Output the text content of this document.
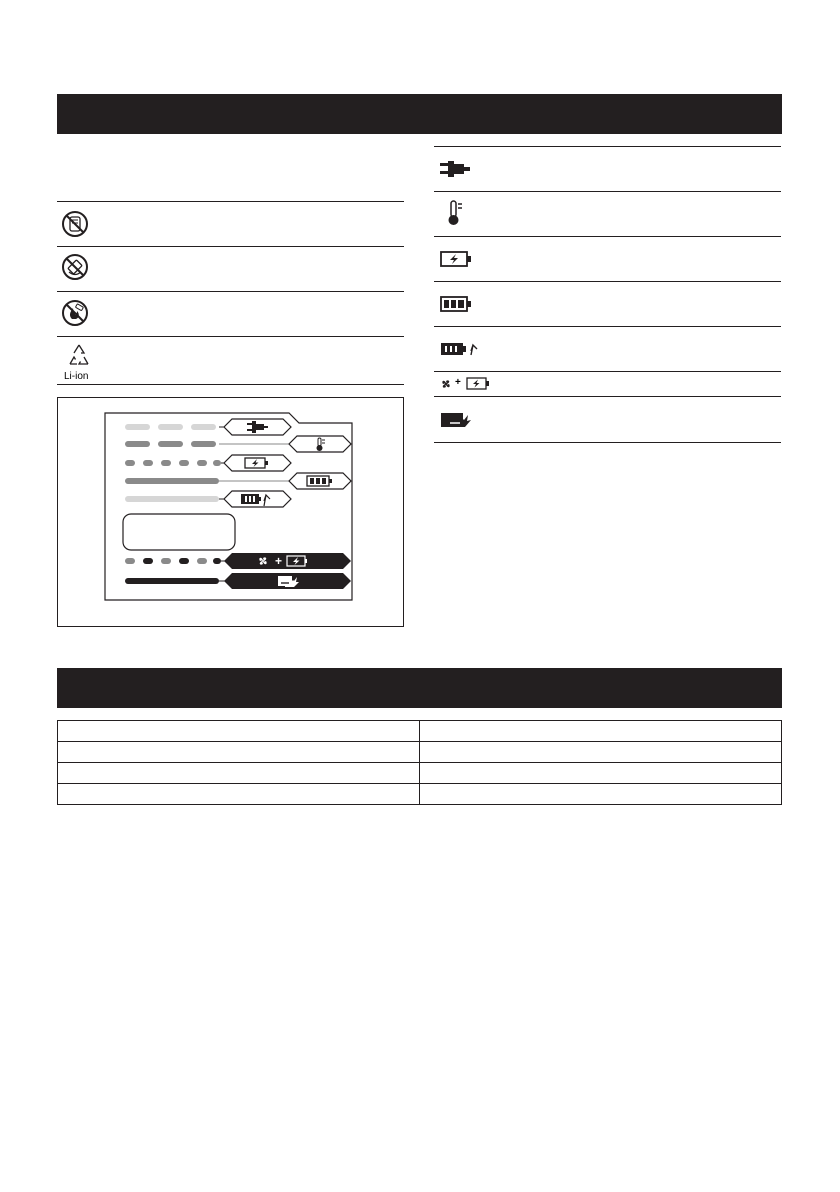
Li-ion
+
+
